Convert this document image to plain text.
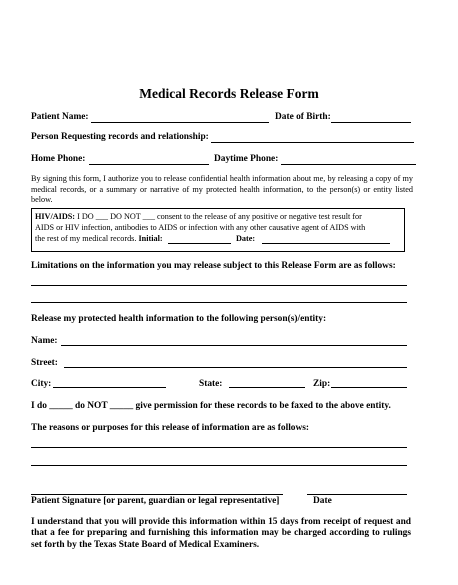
Medical Records Release Form
Patient Name:	Date of Birth:
Person Requesting records and relationship:
Home Phone:	Daytime Phone:
By signing this form, I authorize you to release confidential health information about me, by releasing a copy of my medical records, or a summary or narrative of my protected health information, to the person(s) or entity listed below.
HIV/AIDS: I DO ___ DO NOT ___ consent to the release of any positive or negative test result for
AIDS or HIV infection, antibodies to AIDS or infection with any other causative agent of AIDS with
the rest of my medical records. Initial:	Date:
Limitations on the information you may release subject to this Release Form are as follows:
Release my protected health information to the following person(s)/entity:
Name:
Street:
City:	State:	Zip:
I do _____ do NOT _____ give permission for these records to be faxed to the above entity.
The reasons or purposes for this release of information are as follows:
Patient Signature [or parent, guardian or legal representative]	Date
I understand that you will provide this information within 15 days from receipt of request and that a fee for preparing and furnishing this information may be charged according to rulings set forth by the Texas State Board of Medical Examiners.
